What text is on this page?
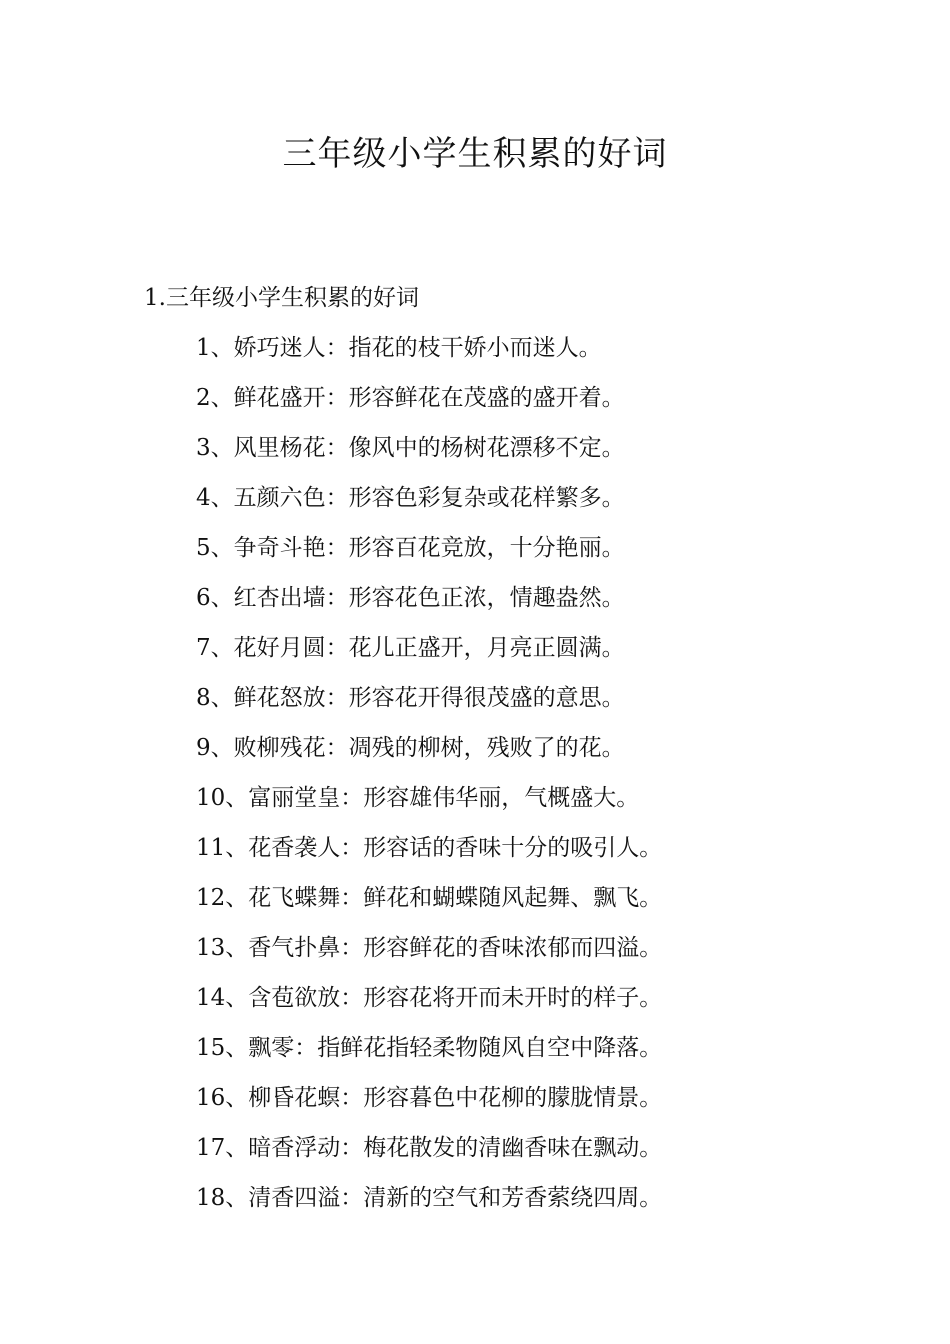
三年级小学生积累的好词
1.三年级小学生积累的好词
1、娇巧迷人：指花的枝干娇小而迷人。
2、鲜花盛开：形容鲜花在茂盛的盛开着。
3、风里杨花：像风中的杨树花漂移不定。
4、五颜六色：形容色彩复杂或花样繁多。
5、争奇斗艳：形容百花竞放，十分艳丽。
6、红杏出墙：形容花色正浓，情趣盎然。
7、花好月圆：花儿正盛开，月亮正圆满。
8、鲜花怒放：形容花开得很茂盛的意思。
9、败柳残花：凋残的柳树，残败了的花。
10、富丽堂皇：形容雄伟华丽，气概盛大。
11、花香袭人：形容话的香味十分的吸引人。
12、花飞蝶舞：鲜花和蝴蝶随风起舞、飘飞。
13、香气扑鼻：形容鲜花的香味浓郁而四溢。
14、含苞欲放：形容花将开而未开时的样子。
15、飘零：指鲜花指轻柔物随风自空中降落。
16、柳昏花螟：形容暮色中花柳的朦胧情景。
17、暗香浮动：梅花散发的清幽香味在飘动。
18、清香四溢：清新的空气和芳香萦绕四周。
